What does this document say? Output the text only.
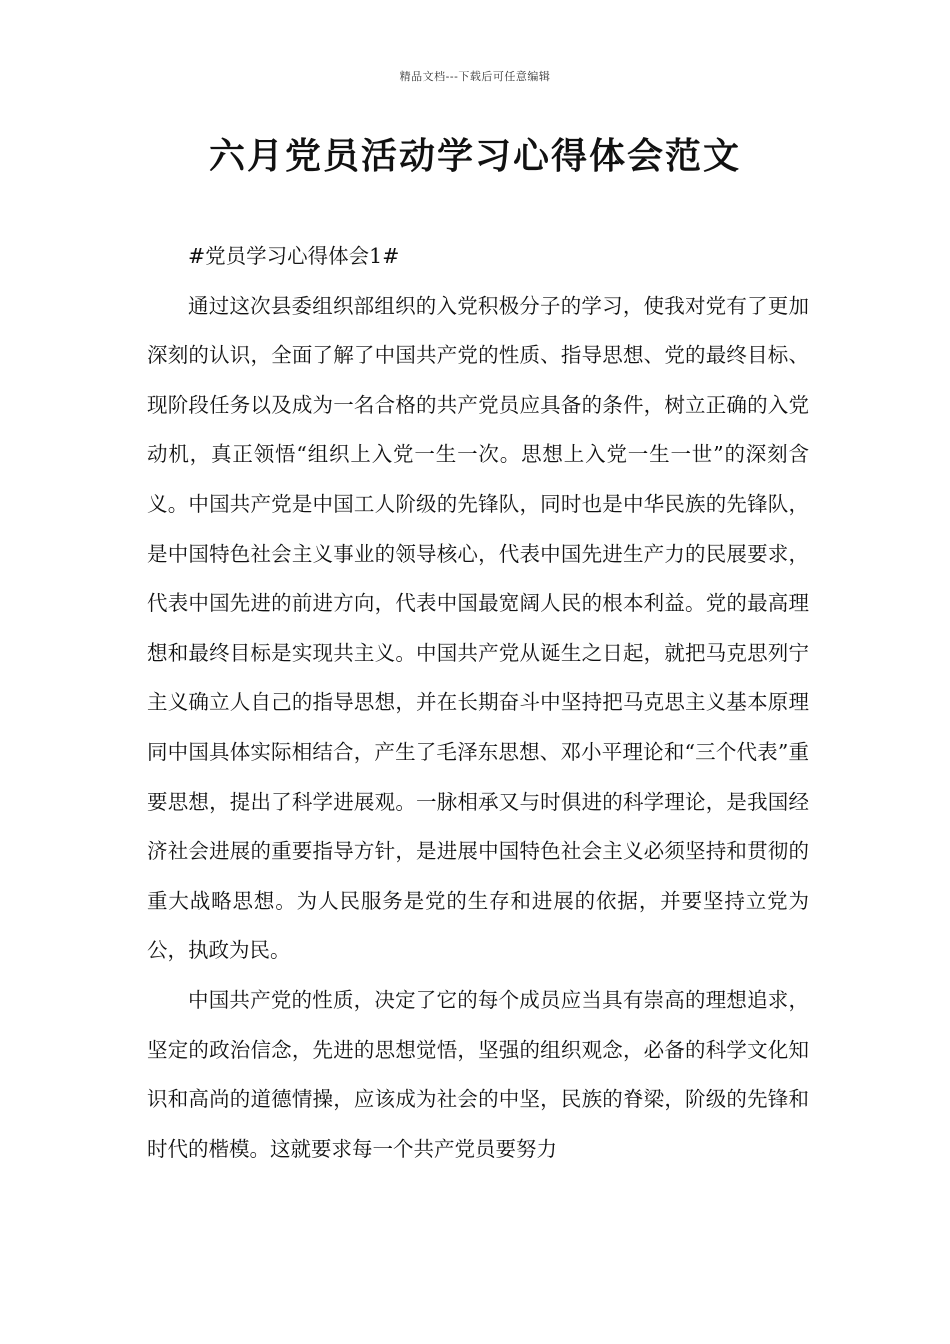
精品文档---下载后可任意编辑
六月党员活动学习心得体会范文

#党员学习心得体会1#

通过这次县委组织部组织的入党积极分子的学习，使我对党有了更加深刻的认识，全面了解了中国共产党的性质、指导思想、党的最终目标、现阶段任务以及成为一名合格的共产党员应具备的条件，树立正确的入党动机，真正领悟“组织上入党一生一次。思想上入党一生一世”的深刻含义。中国共产党是中国工人阶级的先锋队，同时也是中华民族的先锋队，是中国特色社会主义事业的领导核心，代表中国先进生产力的民展要求，代表中国先进的前进方向，代表中国最宽阔人民的根本利益。党的最高理想和最终目标是实现共主义。中国共产党从诞生之日起，就把马克思列宁主义确立人自己的指导思想，并在长期奋斗中坚持把马克思主义基本原理同中国具体实际相结合，产生了毛泽东思想、邓小平理论和“三个代表”重要思想，提出了科学进展观。一脉相承又与时俱进的科学理论，是我国经济社会进展的重要指导方针，是进展中国特色社会主义必须坚持和贯彻的重大战略思想。为人民服务是党的生存和进展的依据，并要坚持立党为公，执政为民。

中国共产党的性质，决定了它的每个成员应当具有崇高的理想追求，坚定的政治信念，先进的思想觉悟，坚强的组织观念，必备的科学文化知识和高尚的道德情操，应该成为社会的中坚，民族的脊梁，阶级的先锋和时代的楷模。这就要求每一个共产党员要努力
